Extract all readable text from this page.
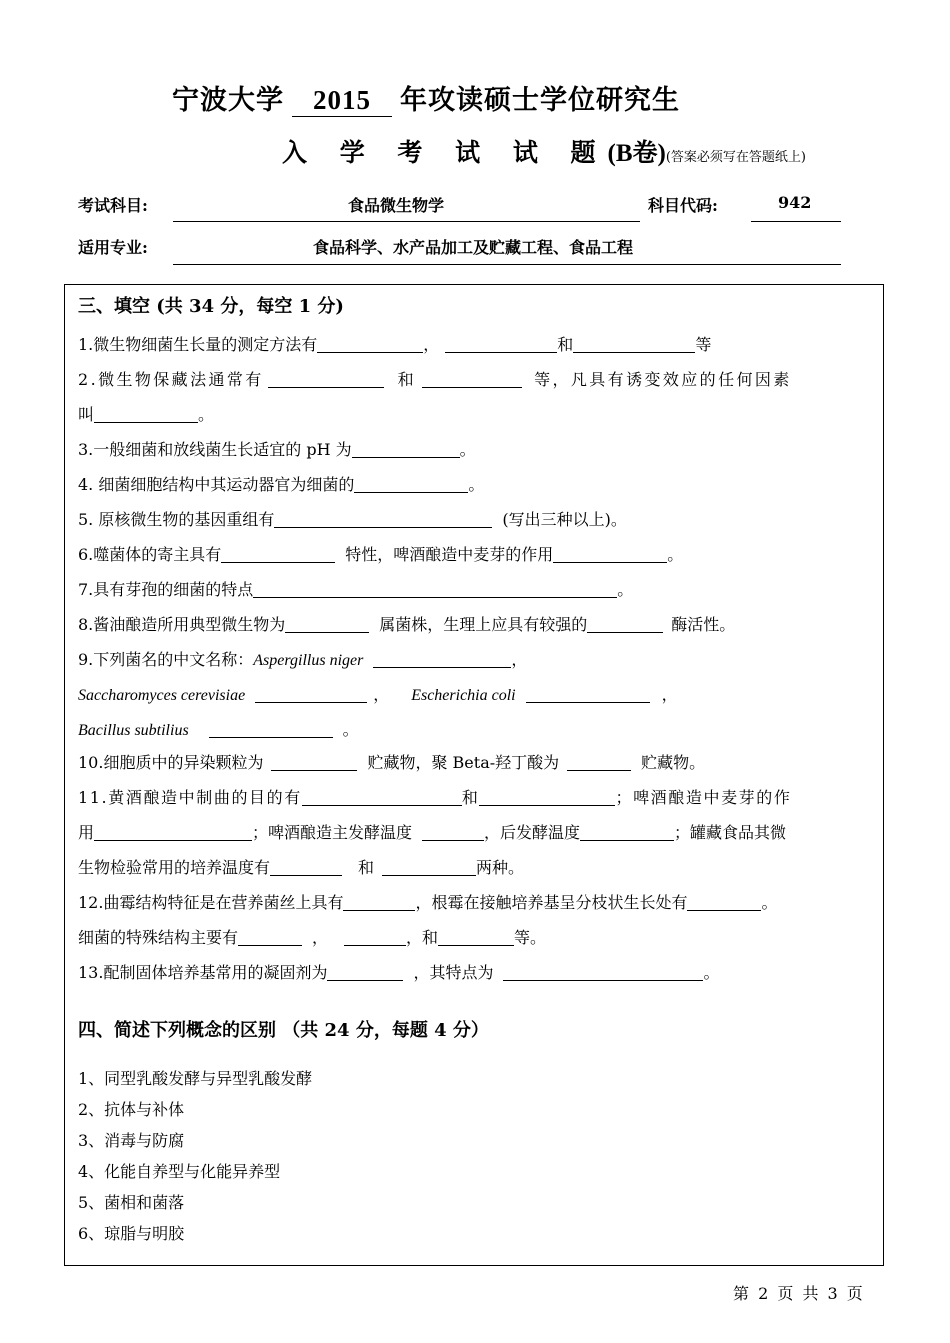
宁波大学 2015 年攻读硕士学位研究生
入 学 考 试 试 题(B卷)(答案必须写在答题纸上)
考试科目:	食品微生物学	科目代码:	942
适用专业:	食品科学、水产品加工及贮藏工程、食品工程
三、填空 (共 34 分，每空 1 分)
1.微生物细菌生长量的测定方法有	，	和	等
2.微生物保藏法通常有	和	等，凡具有诱变效应的任何因素
叫	。
3.一般细菌和放线菌生长适宜的 pH 为	。
4. 细菌细胞结构中其运动器官为细菌的	。
5. 原核微生物的基因重组有	(写出三种以上)。
6.噬菌体的寄主具有	特性，啤酒酿造中麦芽的作用	。
7.具有芽孢的细菌的特点	。
8.酱油酿造所用典型微生物为	属菌株，生理上应具有较强的	酶活性。
9.下列菌名的中文名称：Aspergillus niger	，
Saccharomyces cerevisiae	， Escherichia coli	，
Bacillus subtilius	。
10.细胞质中的异染颗粒为	贮藏物，聚 Beta-羟丁酸为	贮藏物。
11.黄酒酿造中制曲的目的有	和	；啤酒酿造中麦芽的作
用	；啤酒酿造主发酵温度	，后发酵温度	；罐藏食品其微
生物检验常用的培养温度有	和	两种。
12.曲霉结构特征是在营养菌丝上具有	，根霉在接触培养基呈分枝状生长处有	。
细菌的特殊结构主要有	，	，和	等。
13.配制固体培养基常用的凝固剂为	，其特点为	。
四、简述下列概念的区别 （共 24 分，每题 4 分）
1、同型乳酸发酵与异型乳酸发酵
2、抗体与补体
3、消毒与防腐
4、化能自养型与化能异养型
5、菌相和菌落
6、琼脂与明胶
第 2 页 共 3 页
